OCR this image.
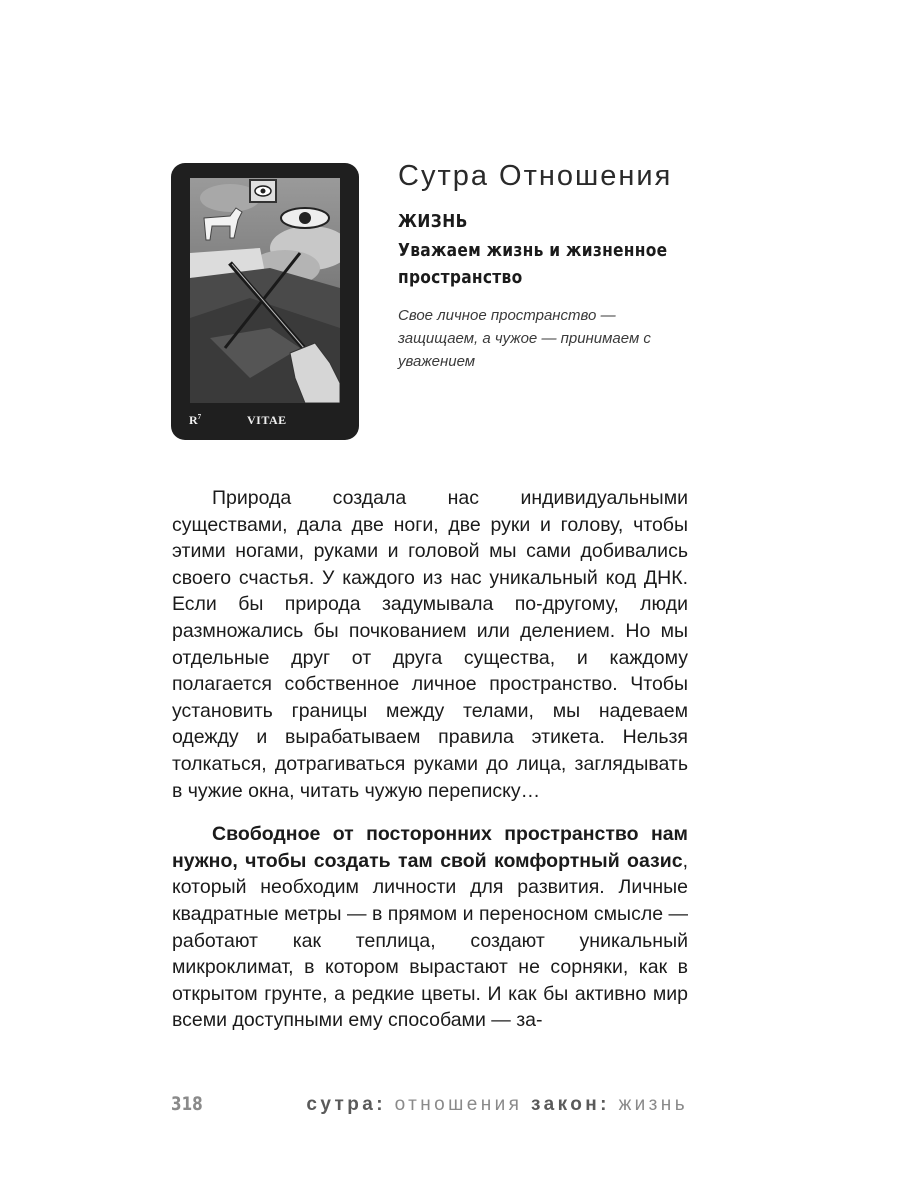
$R^7$	VITAE
Сутра Отношения
ЖИЗНЬ
Уважаем жизнь и жизненное пространство
Свое личное пространство — защищаем, а чужое — принимаем с уважением

Природа создала нас индивидуальными существами, дала две ноги, две руки и голову, чтобы этими ногами, руками и головой мы сами добивались своего счастья. У каждого из нас уникальный код ДНК. Если бы природа задумывала по-другому, люди размножались бы почкованием или делением. Но мы отдельные друг от друга существа, и каждому полагается собственное личное пространство. Чтобы установить границы между телами, мы надеваем одежду и вырабатываем правила этикета. Нельзя толкаться, дотрагиваться руками до лица, заглядывать в чужие окна, читать чужую переписку…

Свободное от посторонних пространство нам нужно, чтобы создать там свой комфортный оазис, который необходим личности для развития. Личные квадратные метры — в прямом и переносном смысле — работают как теплица, создают уникальный микроклимат, в котором вырастают не сорняки, как в открытом грунте, а редкие цветы. И как бы активно мир всеми доступными ему способами — за-

318	сутра: отношения закон: жизнь
